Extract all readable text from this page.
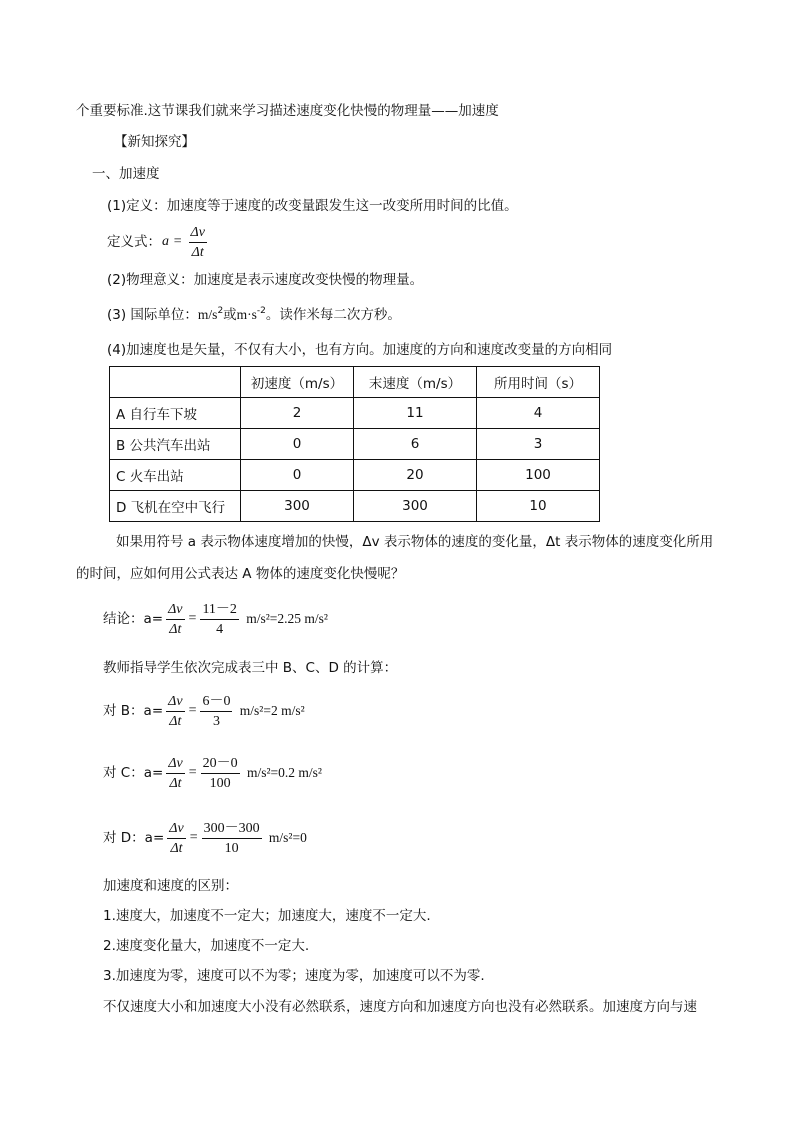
个重要标准.这节课我们就来学习描述速度变化快慢的物理量——加速度
【新知探究】
一、加速度
(1)定义：加速度等于速度的改变量跟发生这一改变所用时间的比值。
定义式：$a = \frac{\Delta v}{\Delta t}$
(2)物理意义：加速度是表示速度改变快慢的物理量。
(3) 国际单位：$m/s^2$或$m\cdot s^{-2}$。读作米每二次方秒。
(4)加速度也是矢量，不仅有大小，也有方向。加速度的方向和速度改变量的方向相同
	初速度（m/s）	末速度（m/s）	所用时间（s）
A 自行车下坡	2	11	4
B 公共汽车出站	0	6	3
C 火车出站	0	20	100
D 飞机在空中飞行	300	300	10
如果用符号 a 表示物体速度增加的快慢，Δv 表示物体的速度的变化量，Δt 表示物体的速度变化所用
的时间，应如何用公式表达 A 物体的速度变化快慢呢？
结论：$a= \frac{\Delta v}{\Delta t} = \frac{11-2}{4} m/s^2=2.25$ m/s²
教师指导学生依次完成表三中 B、C、D 的计算：
对 B：$a= \frac{\Delta v}{\Delta t} = \frac{6-0}{3} m/s^2=2$ m/s²
对 C：$a= \frac{\Delta v}{\Delta t} = \frac{20-0}{100} m/s^2=0.2$ m/s²
对 D：$a= \frac{\Delta v}{\Delta t} = \frac{300-300}{10} m/s^2=0$
加速度和速度的区别：
1.速度大，加速度不一定大；加速度大，速度不一定大.
2.速度变化量大，加速度不一定大.
3.加速度为零，速度可以不为零；速度为零，加速度可以不为零.
不仅速度大小和加速度大小没有必然联系，速度方向和加速度方向也没有必然联系。加速度方向与速
